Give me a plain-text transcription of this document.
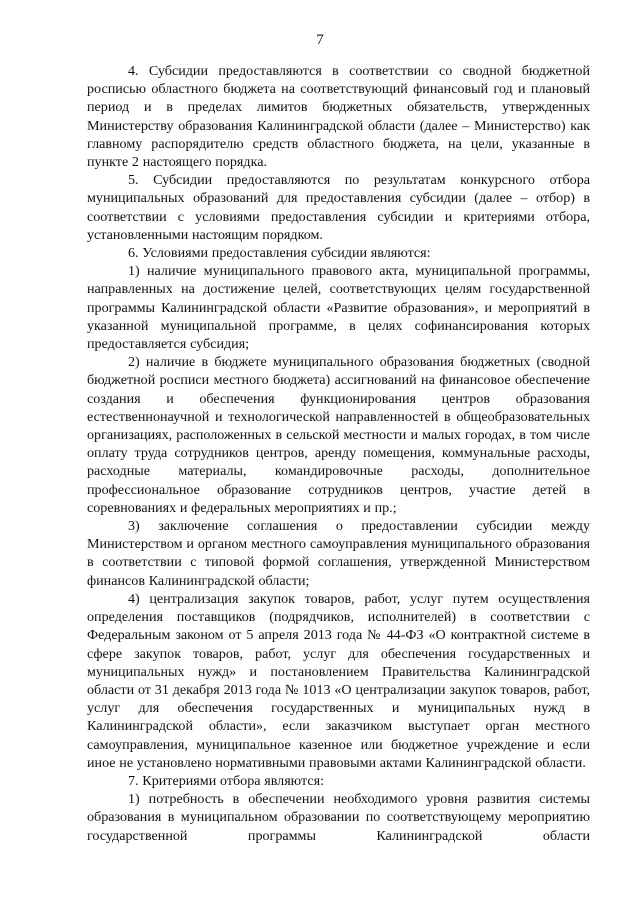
7

4. Субсидии предоставляются в соответствии со сводной бюджетной росписью областного бюджета на соответствующий финансовый год и плановый период и в пределах лимитов бюджетных обязательств, утвержденных Министерству образования Калининградской области (далее – Министерство) как главному распорядителю средств областного бюджета, на цели, указанные в пункте 2 настоящего порядка.

5. Субсидии предоставляются по результатам конкурсного отбора муниципальных образований для предоставления субсидии (далее – отбор) в соответствии с условиями предоставления субсидии и критериями отбора, установленными настоящим порядком.

6. Условиями предоставления субсидии являются:

1) наличие муниципального правового акта, муниципальной программы, направленных на достижение целей, соответствующих целям государственной программы Калининградской области «Развитие образования», и мероприятий в указанной муниципальной программе, в целях софинансирования которых предоставляется субсидия;

2) наличие в бюджете муниципального образования бюджетных (сводной бюджетной росписи местного бюджета) ассигнований на финансовое обеспечение создания и обеспечения функционирования центров образования естественнонаучной и технологической направленностей в общеобразовательных организациях, расположенных в сельской местности и малых городах, в том числе оплату труда сотрудников центров, аренду помещения, коммунальные расходы, расходные материалы, командировочные расходы, дополнительное профессиональное образование сотрудников центров, участие детей в соревнованиях и федеральных мероприятиях и пр.;

3) заключение соглашения о предоставлении субсидии между Министерством и органом местного самоуправления муниципального образования в соответствии с типовой формой соглашения, утвержденной Министерством финансов Калининградской области;

4) централизация закупок товаров, работ, услуг путем осуществления определения поставщиков (подрядчиков, исполнителей) в соответствии с Федеральным законом от 5 апреля 2013 года № 44-ФЗ «О контрактной системе в сфере закупок товаров, работ, услуг для обеспечения государственных и муниципальных нужд» и постановлением Правительства Калининградской области от 31 декабря 2013 года № 1013 «О централизации закупок товаров, работ, услуг для обеспечения государственных и муниципальных нужд в Калининградской области», если заказчиком выступает орган местного самоуправления, муниципальное казенное или бюджетное учреждение и если иное не установлено нормативными правовыми актами Калининградской области.

7. Критериями отбора являются:

1) потребность в обеспечении необходимого уровня развития системы образования в муниципальном образовании по соответствующему мероприятию государственной программы Калининградской области
